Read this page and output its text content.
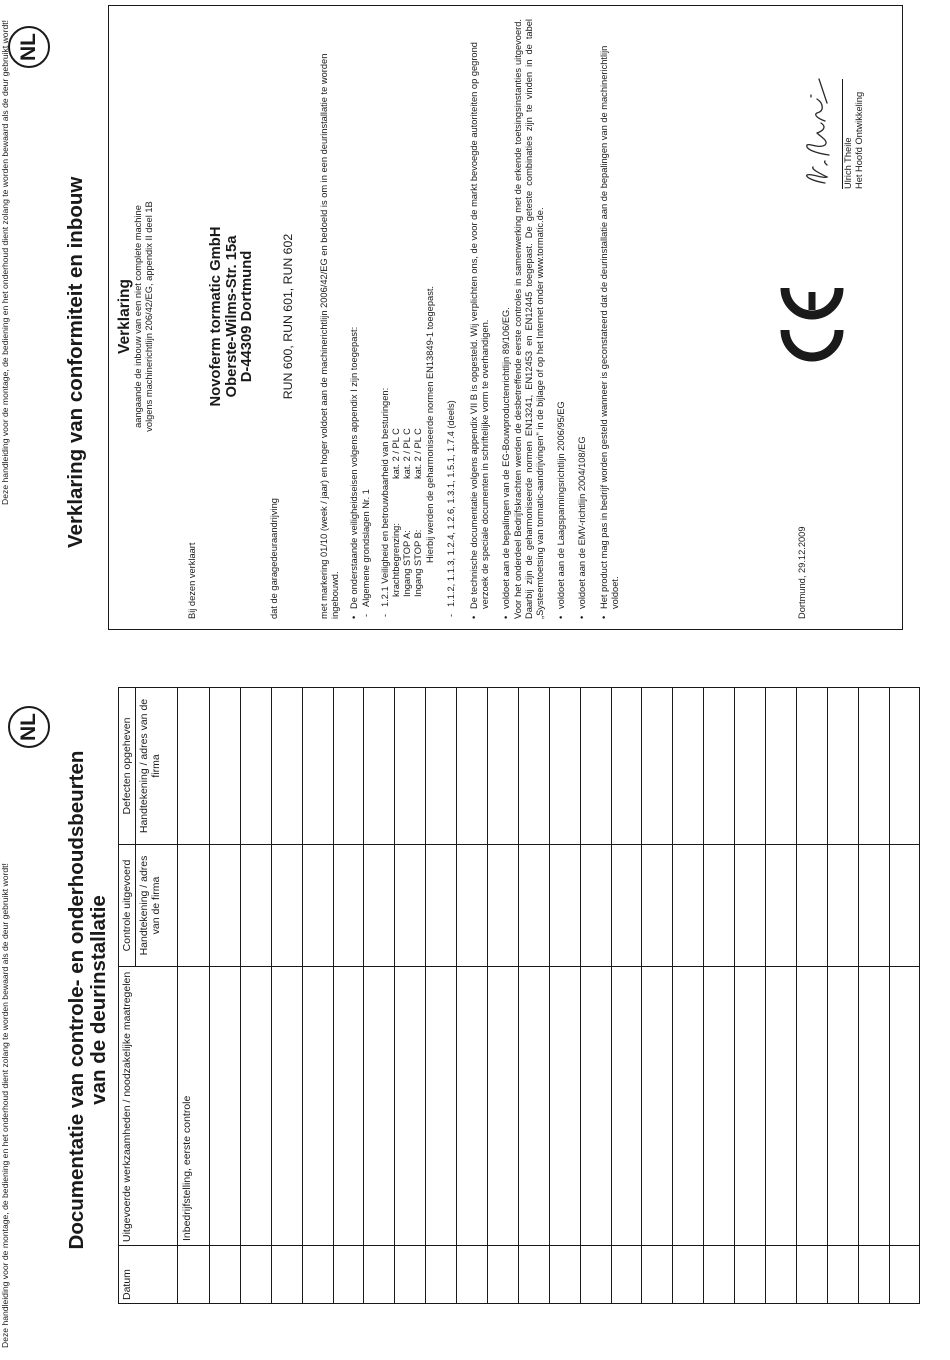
Deze handleiding voor de montage, de bediening en het onderhoud dient zolang te worden bewaard als de deur gebruikt wordt!
Deze handleiding voor de montage, de bediening en het onderhoud dient zolang te worden bewaard als de deur gebruikt wordt!
NL
Documentatie van controle- en onderhoudsbeurten van de deurinstallatie
Datum	Uitgevoerde werkzaamheden / noodzakelijke maatregelen	Controle uitgevoerd	Defecten opgeheven
		Handtekening / adres van de firma	Handtekening / adres van de firma
	Inbedrijfstelling, eerste controle		

NL
Verklaring van conformiteit en inbouw Verklaring aangaande de inbouw van een niet complete machine volgens machinerichtlijn 206/42/EG, appendix II deel 1B
Bij dezen verklaart
Novoferm tormatic GmbH Oberste-Wilms-Str. 15a D-44309 Dortmund
dat de garagedeuraandrijving
RUN 600, RUN 601, RUN 602	met markering 01/10 (week / jaar) en hoger voldoet aan de machinerichtlijn 2006/42/EG en bedoeld is om in een deurinstallatie te worden ingebouwd. • De onderstaande veiligheidseisen volgens appendix I zijn toegepast: - Algemene grondslagen Nr. 1 - 1.2.1 Veiligheid en betrouwbaarheid van besturingen: krachtbegrenzing:
kat. 2 / PL C
Ingang STOP A:
kat. 2 / PL C
Ingang STOP B:
kat. 2 / PL C Hierbij werden de geharmoniseerde normen EN13849-1 toegepast. - 1.1.2, 1.1.3, 1.2.4, 1.2.6, 1.3.1, 1.5.1, 1.7.4 (deels) • De technische documentatie volgens appendix VII B is opgesteld. Wij verplichten ons, de voor de markt bevoegde autoriteiten op gegrond verzoek de speciale documenten in schriftelijke vorm te overhandigen. • voldoet aan de bepalingen van de EG-Bouwproductenrichtlijn 89/106/EG. Voor het onderdeel Bedrijfskrachten werden de desbetreffende eerste controles in samenwerking met de erkende toetsingsinstanties uitgevoerd. Daarbij zijn de geharmoniseerde normen EN13241, EN12453 en EN12445 toegepast. De geteste combinaties zijn te vinden in de tabel „Systeemtoetsing van tormatic-aandrijvingen" in de bijlage of op het Internet onder www.tormatic.de. • voldoet aan de Laagspanningsrichtlijn 2006/95/EG • voldoet aan de EMV-richtlijn 2004/108/EG • Het product mag pas in bedrijf worden gesteld wanneer is geconstateerd dat de deurinstallatie aan de bepalingen van de machinerichtlijn voldoet.	Dortmund, 29.12.2009
Ulrich Theile Het Hoofd Ontwikkeling
